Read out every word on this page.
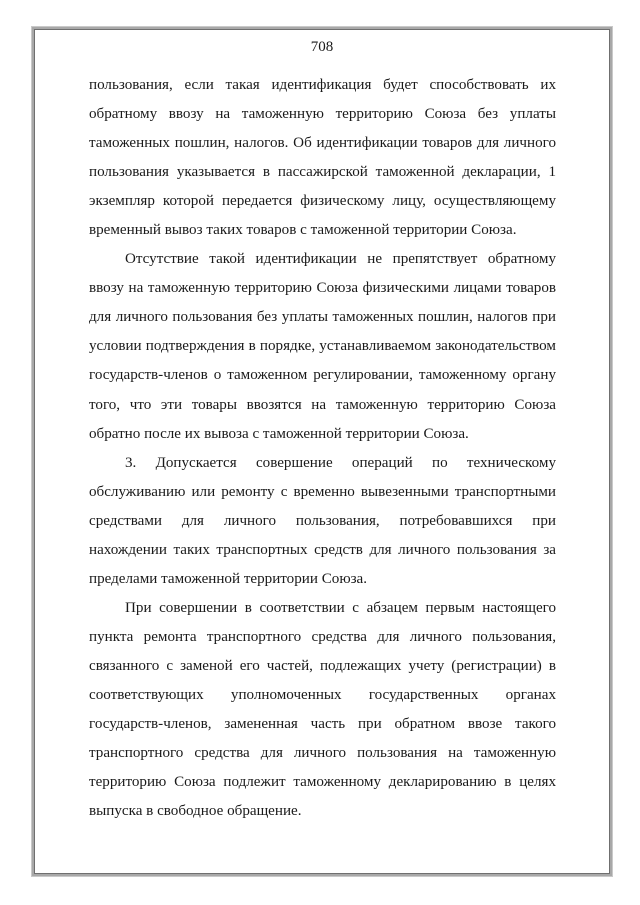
708

пользования, если такая идентификация будет способствовать их обратному ввозу на таможенную территорию Союза без уплаты таможенных пошлин, налогов. Об идентификации товаров для личного пользования указывается в пассажирской таможенной декларации, 1 экземпляр которой передается физическому лицу, осуществляющему временный вывоз таких товаров с таможенной территории Союза.

Отсутствие такой идентификации не препятствует обратному ввозу на таможенную территорию Союза физическими лицами товаров для личного пользования без уплаты таможенных пошлин, налогов при условии подтверждения в порядке, устанавливаемом законодательством государств-членов о таможенном регулировании, таможенному органу того, что эти товары ввозятся на таможенную территорию Союза обратно после их вывоза с таможенной территории Союза.

3. Допускается совершение операций по техническому обслуживанию или ремонту с временно вывезенными транспортными средствами для личного пользования, потребовавшихся при нахождении таких транспортных средств для личного пользования за пределами таможенной территории Союза.

При совершении в соответствии с абзацем первым настоящего пункта ремонта транспортного средства для личного пользования, связанного с заменой его частей, подлежащих учету (регистрации) в соответствующих уполномоченных государственных органах государств-членов, замененная часть при обратном ввозе такого транспортного средства для личного пользования на таможенную территорию Союза подлежит таможенному декларированию в целях выпуска в свободное обращение.
